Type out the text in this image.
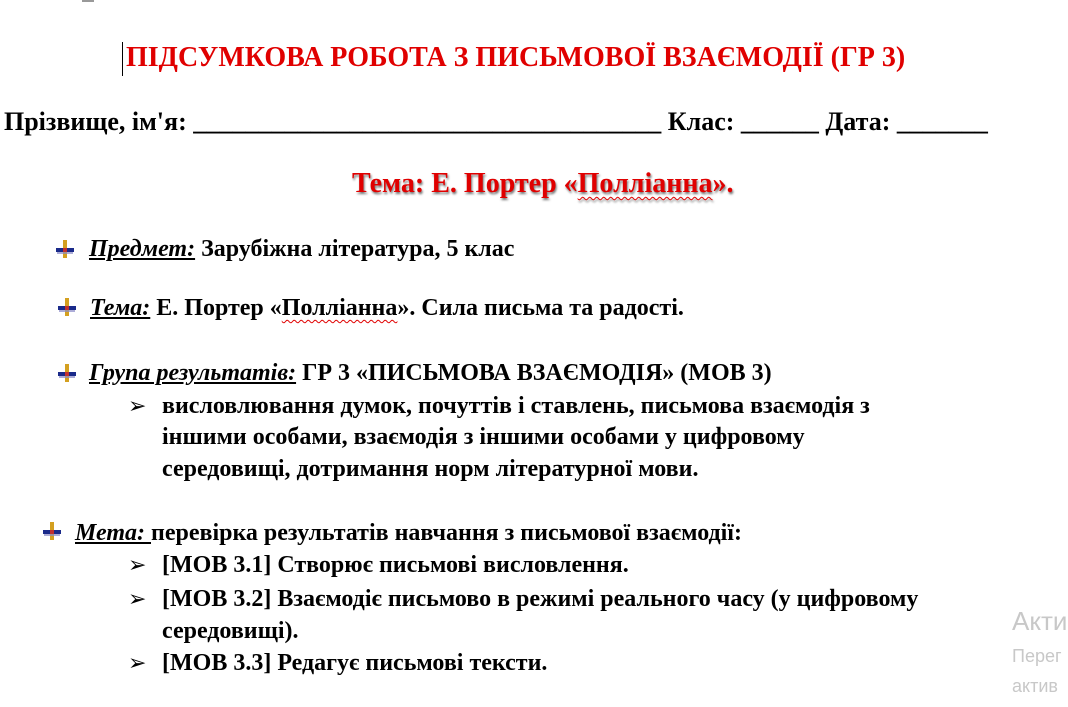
ПІДСУМКОВА РОБОТА З ПИСЬМОВОЇ ВЗАЄМОДІЇ (ГР 3)
Прізвище, ім'я: ____________________________________ Клас: ______ Дата: _______
Тема: Е. Портер «Полліанна».
Предмет: Зарубіжна література, 5 клас
Тема: Е. Портер «Полліанна». Сила письма та радості.
Група результатів: ГР 3 «ПИСЬМОВА ВЗАЄМОДІЯ» (МОВ 3)
➢ висловлювання думок, почуттів і ставлень, письмова взаємодія з
іншими особами, взаємодія з іншими особами у цифровому
середовищі, дотримання норм літературної мови.
Мета: перевірка результатів навчання з письмової взаємодії:
➢ [МОВ 3.1] Створює письмові висловлення.
➢ [МОВ 3.2] Взаємодіє письмово в режимі реального часу (у цифровому
середовищі).
➢ [МОВ 3.3] Редагує письмові тексти.
Акти
Перег
актив
